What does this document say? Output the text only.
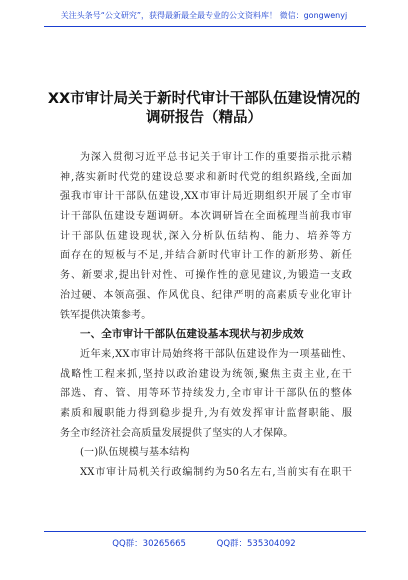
关注头条号“公文研究”，获得最新最全最专业的公文资料库！ 微信：gongwenyj
XX市审计局关于新时代审计干部队伍建设情况的
调研报告（精品）
为深入贯彻习近平总书记关于审计工作的重要指示批示精
神,落实新时代党的建设总要求和新时代党的组织路线,全面加
强我市审计干部队伍建设,XX市审计局近期组织开展了全市审
计干部队伍建设专题调研。本次调研旨在全面梳理当前我市审
计干部队伍建设现状,深入分析队伍结构、能力、培养等方
面存在的短板与不足,并结合新时代审计工作的新形势、新任
务、新要求,提出针对性、可操作性的意见建议,为锻造一支政
治过硬、本领高强、作风优良、纪律严明的高素质专业化审计
铁军提供决策参考。
一、全市审计干部队伍建设基本现状与初步成效
近年来,XX市审计局始终将干部队伍建设作为一项基础性、
战略性工程来抓,坚持以政治建设为统领,聚焦主责主业,在干
部选、育、管、用等环节持续发力,全市审计干部队伍的整体
素质和履职能力得到稳步提升,为有效发挥审计监督职能、服
务全市经济社会高质量发展提供了坚实的人才保障。
(一)队伍规模与基本结构
XX市审计局机关行政编制约为50名左右,当前实有在职干
QQ群：30265665	QQ群：535304092
